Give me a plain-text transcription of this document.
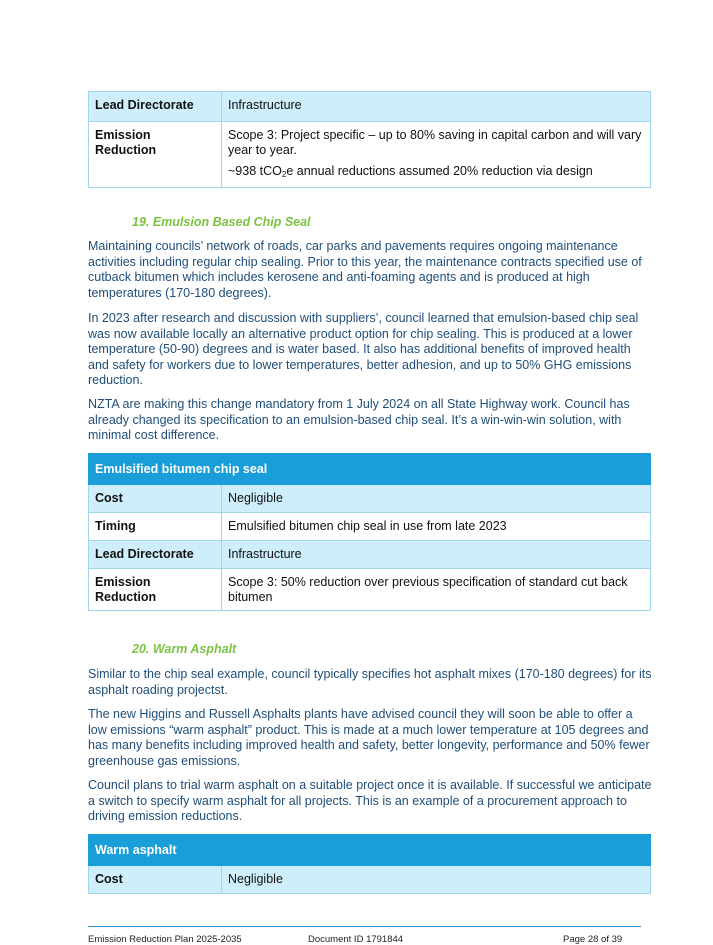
Lead Directorate	Infrastructure
Emission Reduction	Scope 3: Project specific – up to 80% saving in capital carbon and will vary year to year.
~938 tCO$_2$e annual reductions assumed 20% reduction via design
19. Emulsion Based Chip Seal

Maintaining councils’ network of roads, car parks and pavements requires ongoing maintenance activities including regular chip sealing. Prior to this year, the maintenance contracts specified use of cutback bitumen which includes kerosene and anti-foaming agents and is produced at high temperatures (170-180 degrees).

In 2023 after research and discussion with suppliers’, council learned that emulsion-based chip seal was now available locally an alternative product option for chip sealing. This is produced at a lower temperature (50-90) degrees and is water based. It also has additional benefits of improved health and safety for workers due to lower temperatures, better adhesion, and up to 50% GHG emissions reduction.

NZTA are making this change mandatory from 1 July 2024 on all State Highway work. Council has already changed its specification to an emulsion-based chip seal. It’s a win-win-win solution, with minimal cost difference.

Emulsified bitumen chip seal	
Cost	Negligible
Timing	Emulsified bitumen chip seal in use from late 2023
Lead Directorate	Infrastructure
Emission Reduction	Scope 3: 50% reduction over previous specification of standard cut back bitumen
20. Warm Asphalt

Similar to the chip seal example, council typically specifies hot asphalt mixes (170-180 degrees) for its asphalt roading projectst.

The new Higgins and Russell Asphalts plants have advised council they will soon be able to offer a low emissions “warm asphalt” product. This is made at a much lower temperature at 105 degrees and has many benefits including improved health and safety, better longevity, performance and 50% fewer greenhouse gas emissions.

Council plans to trial warm asphalt on a suitable project once it is available. If successful we anticipate a switch to specify warm asphalt for all projects. This is an example of a procurement approach to driving emission reductions.

Warm asphalt
Cost	Negligible
Emission Reduction Plan 2025-2035	Document ID 1791844	Page 28 of 39
